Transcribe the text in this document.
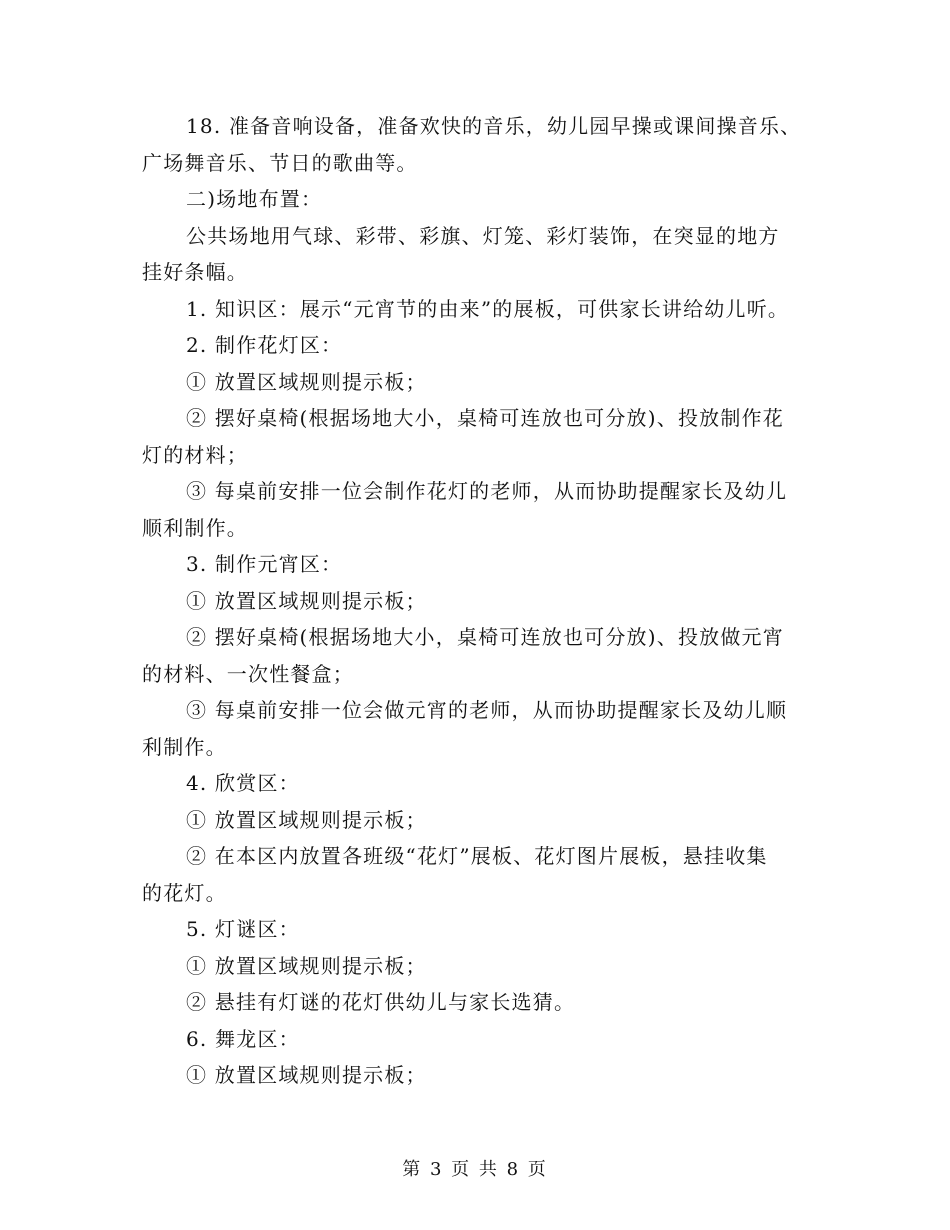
18. 准备音响设备，准备欢快的音乐，幼儿园早操或课间操音乐、
广场舞音乐、节日的歌曲等。

二)场地布置：

公共场地用气球、彩带、彩旗、灯笼、彩灯装饰，在突显的地方
挂好条幅。

1. 知识区：展示“元宵节的由来”的展板，可供家长讲给幼儿听。

2. 制作花灯区：

① 放置区域规则提示板；

② 摆好桌椅(根据场地大小，桌椅可连放也可分放)、投放制作花
灯的材料；

③ 每桌前安排一位会制作花灯的老师，从而协助提醒家长及幼儿
顺利制作。

3. 制作元宵区：

① 放置区域规则提示板；

② 摆好桌椅(根据场地大小，桌椅可连放也可分放)、投放做元宵
的材料、一次性餐盒；

③ 每桌前安排一位会做元宵的老师，从而协助提醒家长及幼儿顺
利制作。

4. 欣赏区：

① 放置区域规则提示板；

② 在本区内放置各班级“花灯”展板、花灯图片展板，悬挂收集
的花灯。

5. 灯谜区：

① 放置区域规则提示板；

② 悬挂有灯谜的花灯供幼儿与家长选猜。

6. 舞龙区：

① 放置区域规则提示板；

第 3 页 共 8 页
